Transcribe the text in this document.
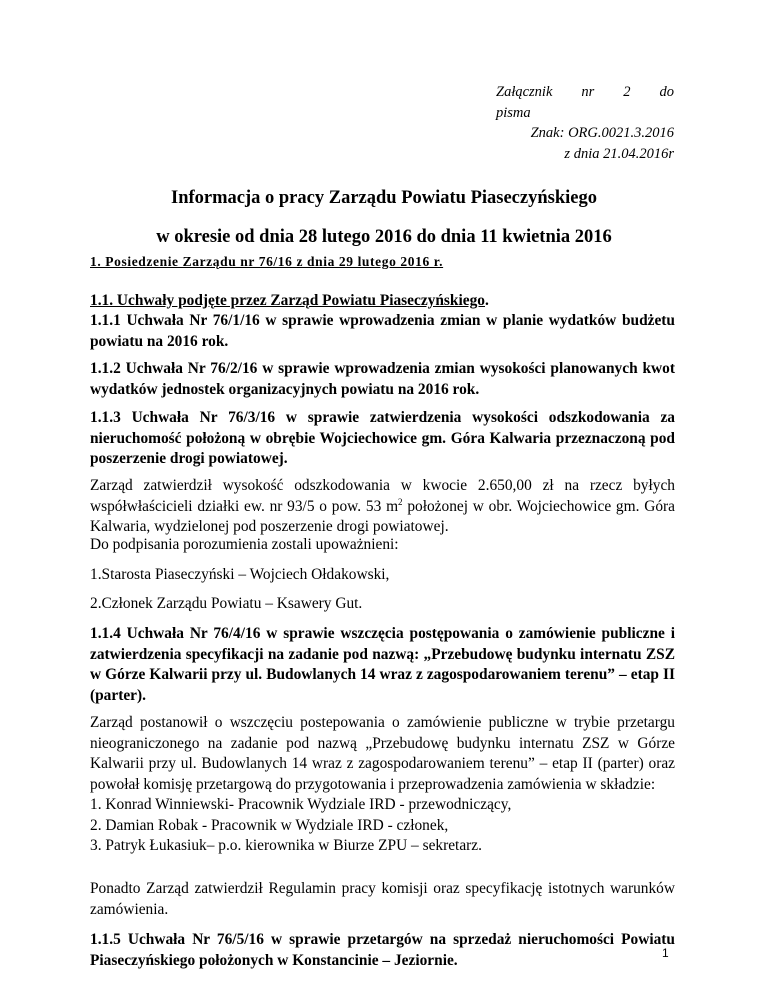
Załącznik nr 2 do
pisma
Znak: ORG.0021.3.2016
z dnia 21.04.2016r
Informacja o pracy Zarządu Powiatu Piaseczyńskiego
w okresie od dnia 28 lutego 2016 do dnia 11 kwietnia 2016

1. Posiedzenie Zarządu nr 76/16 z dnia 29 lutego 2016 r.

1.1. Uchwały podjęte przez Zarząd Powiatu Piaseczyńskiego.

1.1.1 Uchwała Nr 76/1/16 w sprawie wprowadzenia zmian w planie wydatków budżetu powiatu na 2016 rok.

1.1.2 Uchwała Nr 76/2/16 w sprawie wprowadzenia zmian wysokości planowanych kwot wydatków jednostek organizacyjnych powiatu na 2016 rok.

1.1.3 Uchwała Nr 76/3/16 w sprawie zatwierdzenia wysokości odszkodowania za nieruchomość położoną w obrębie Wojciechowice gm. Góra Kalwaria przeznaczoną pod poszerzenie drogi powiatowej.

Zarząd zatwierdził wysokość odszkodowania w kwocie 2.650,00 zł na rzecz byłych współwłaścicieli działki ew. nr 93/5 o pow. 53 $m^2$ położonej w obr. Wojciechowice gm. Góra Kalwaria, wydzielonej pod poszerzenie drogi powiatowej.

Do podpisania porozumienia zostali upoważnieni:

1.Starosta Piaseczyński – Wojciech Ołdakowski,

2.Członek Zarządu Powiatu – Ksawery Gut.

1.1.4 Uchwała Nr 76/4/16 w sprawie wszczęcia postępowania o zamówienie publiczne i zatwierdzenia specyfikacji na zadanie pod nazwą: „Przebudowę budynku internatu ZSZ w Górze Kalwarii przy ul. Budowlanych 14 wraz z zagospodarowaniem terenu” – etap II (parter).

Zarząd postanowił o wszczęciu postepowania o zamówienie publiczne w trybie przetargu nieograniczonego na zadanie pod nazwą „Przebudowę budynku internatu ZSZ w Górze Kalwarii przy ul. Budowlanych 14 wraz z zagospodarowaniem terenu” – etap II (parter) oraz powołał komisję przetargową do przygotowania i przeprowadzenia zamówienia w składzie:

1. Konrad Winniewski- Pracownik Wydziale IRD - przewodniczący,
2. Damian Robak - Pracownik w Wydziale IRD - członek,
3. Patryk Łukasiuk– p.o. kierownika w Biurze ZPU – sekretarz.

Ponadto Zarząd zatwierdził Regulamin pracy komisji oraz specyfikację istotnych warunków zamówienia.

1.1.5 Uchwała Nr 76/5/16 w sprawie przetargów na sprzedaż nieruchomości Powiatu Piaseczyńskiego położonych w Konstancinie – Jeziornie.	1
